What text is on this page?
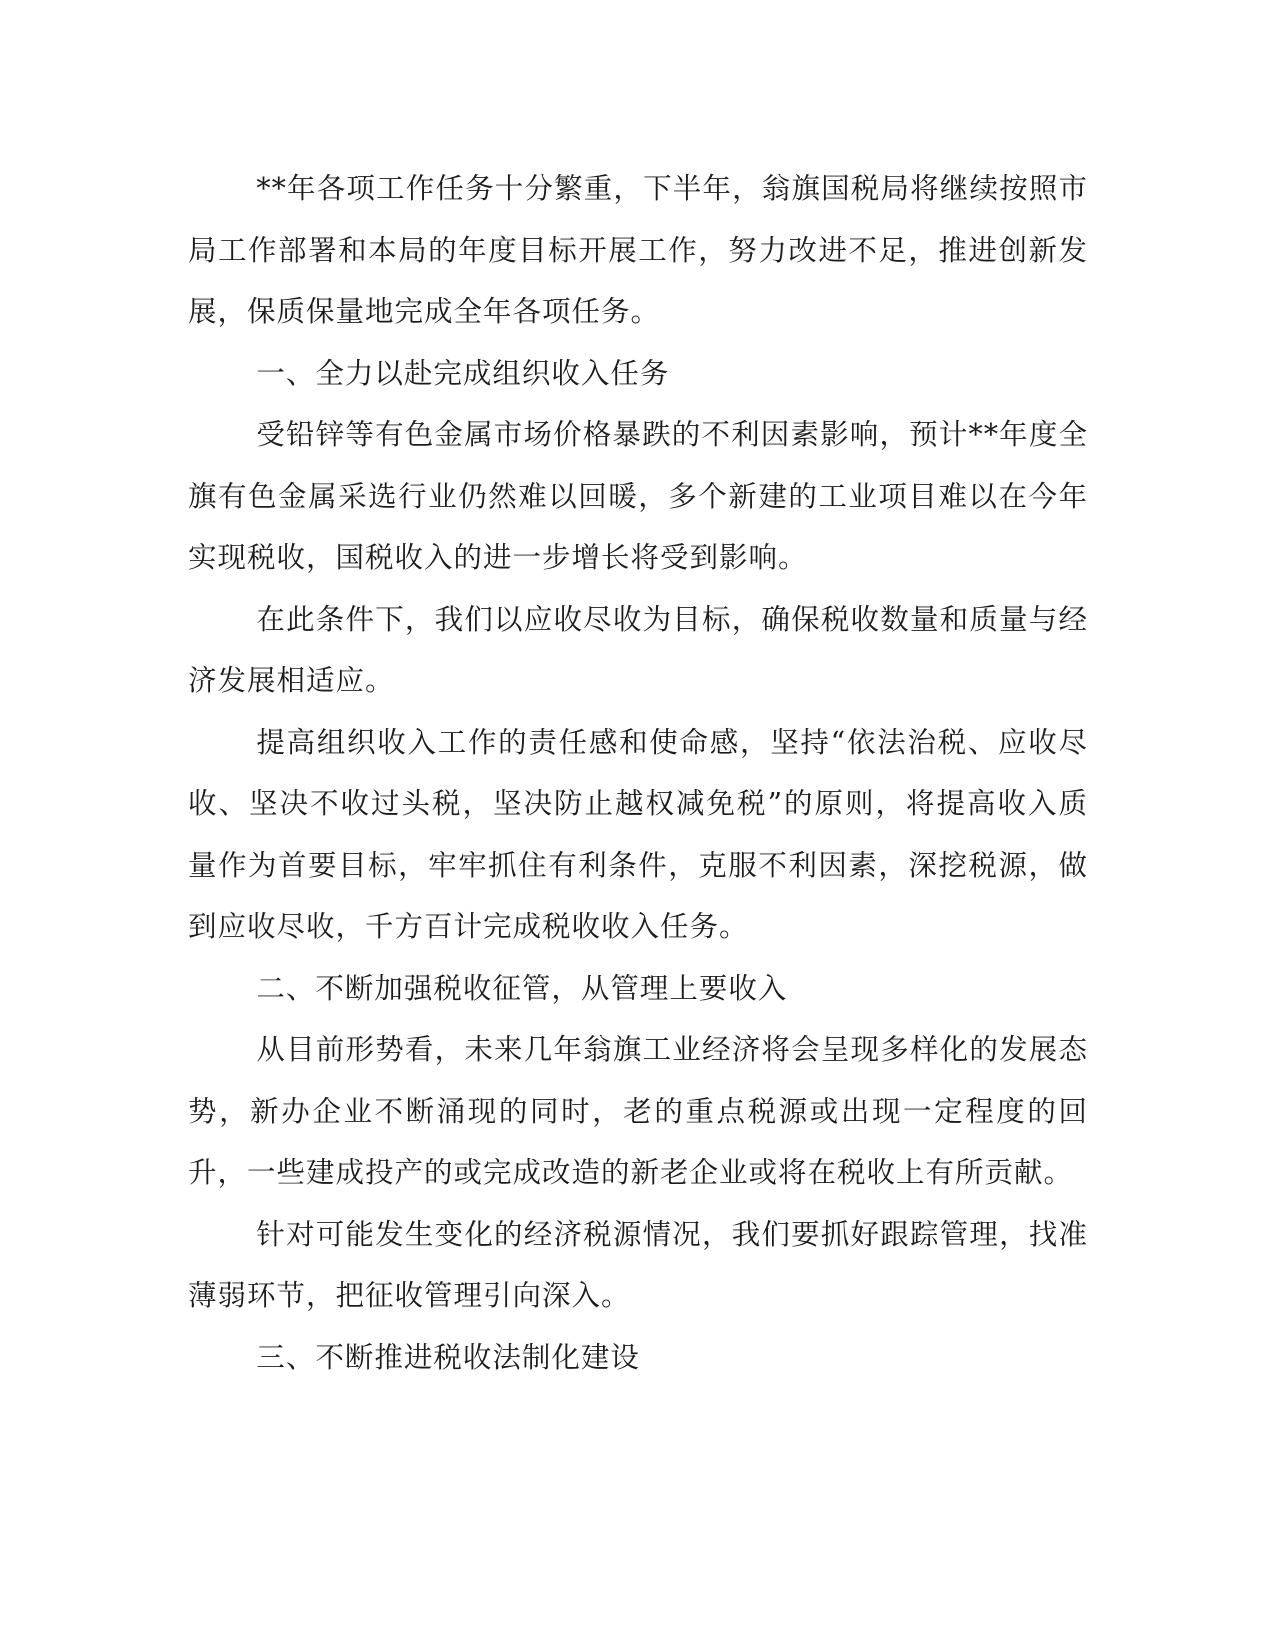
**年各项工作任务十分繁重，下半年，翁旗国税局将继续按照市局工作部署和本局的年度目标开展工作，努力改进不足，推进创新发展，保质保量地完成全年各项任务。

一、全力以赴完成组织收入任务

受铅锌等有色金属市场价格暴跌的不利因素影响，预计**年度全旗有色金属采选行业仍然难以回暖，多个新建的工业项目难以在今年实现税收，国税收入的进一步增长将受到影响。

在此条件下，我们以应收尽收为目标，确保税收数量和质量与经济发展相适应。

提高组织收入工作的责任感和使命感，坚持“依法治税、应收尽收、坚决不收过头税，坚决防止越权减免税”的原则，将提高收入质量作为首要目标，牢牢抓住有利条件，克服不利因素，深挖税源，做到应收尽收，千方百计完成税收收入任务。

二、不断加强税收征管，从管理上要收入

从目前形势看，未来几年翁旗工业经济将会呈现多样化的发展态势，新办企业不断涌现的同时，老的重点税源或出现一定程度的回升，一些建成投产的或完成改造的新老企业或将在税收上有所贡献。

针对可能发生变化的经济税源情况，我们要抓好跟踪管理，找准薄弱环节，把征收管理引向深入。

三、不断推进税收法制化建设
